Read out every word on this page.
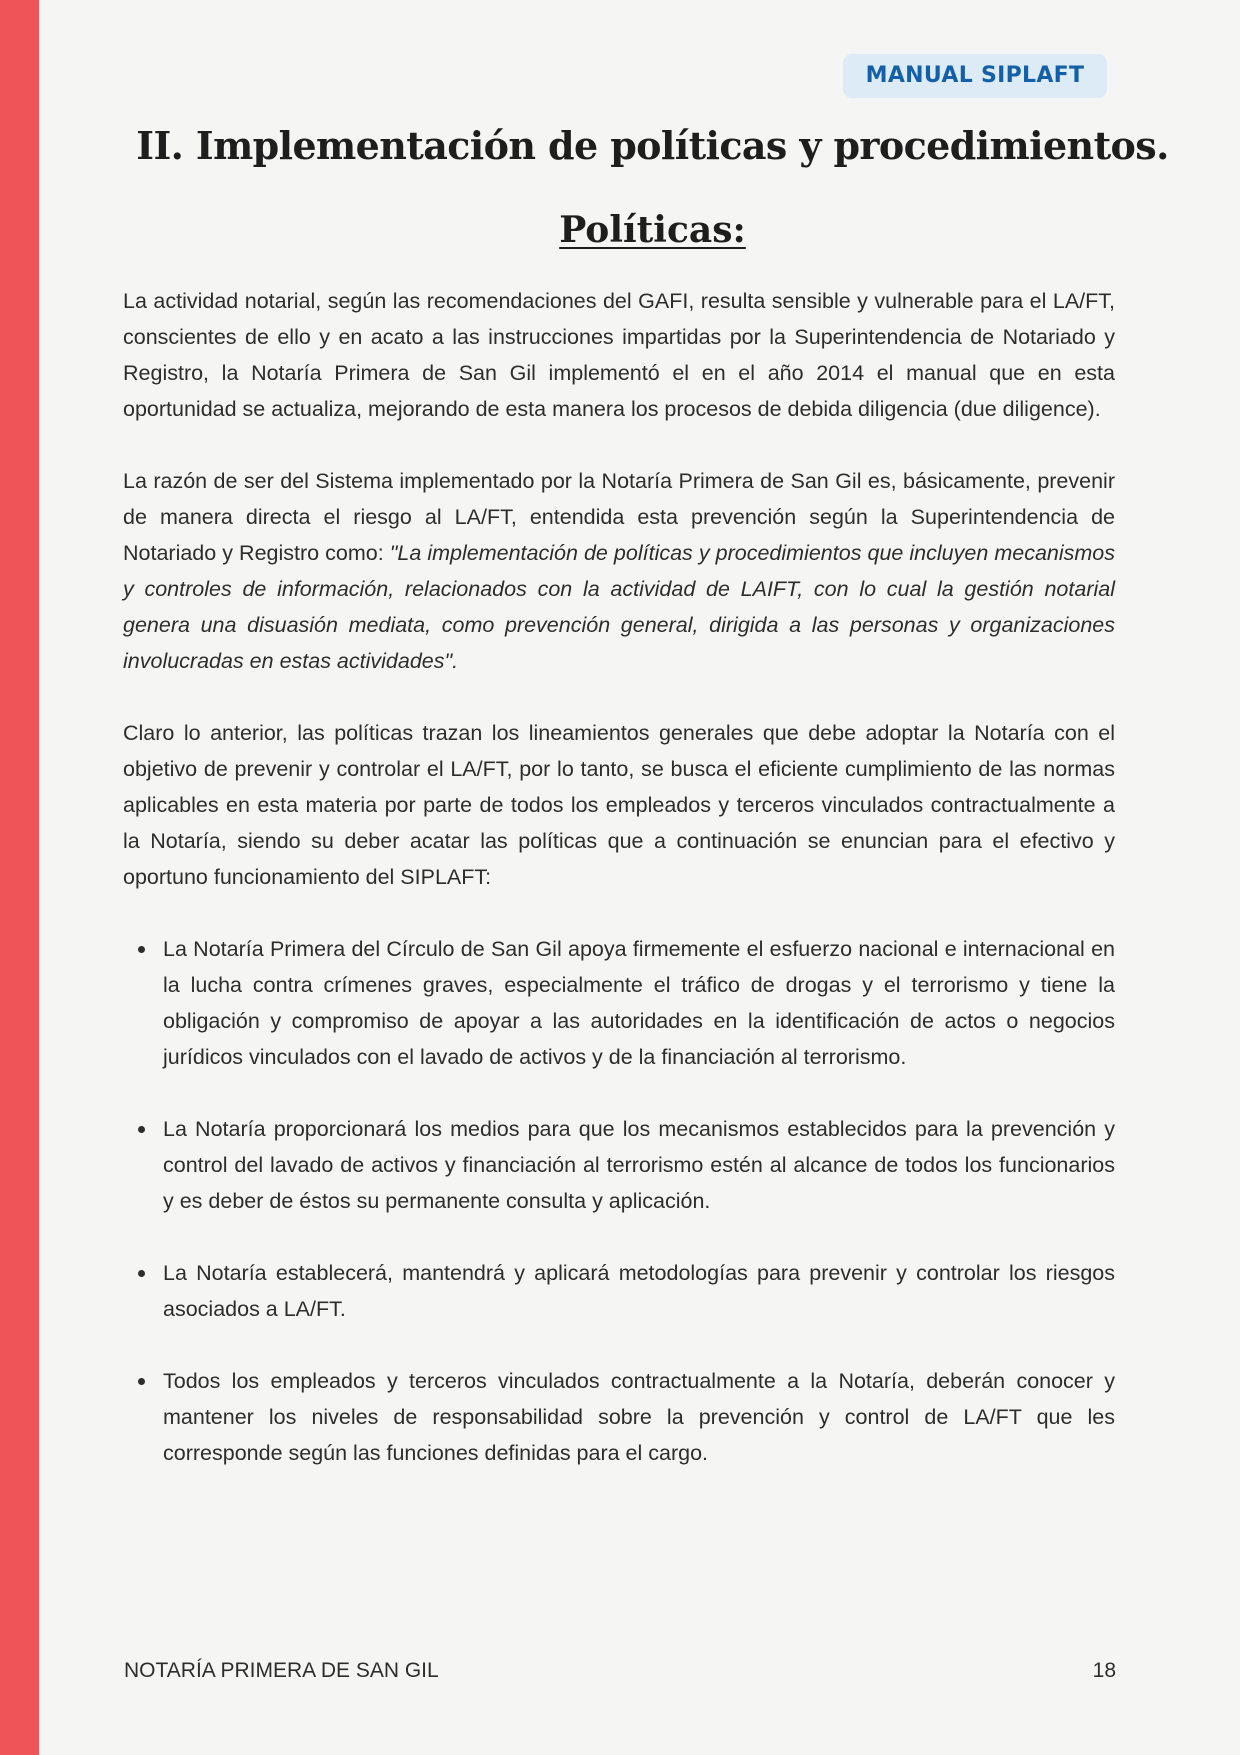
MANUAL SIPLAFT
II. Implementación de políticas y procedimientos.
Políticas:

La actividad notarial, según las recomendaciones del GAFI, resulta sensible y vulnerable para el LA/FT, conscientes de ello y en acato a las instrucciones impartidas por la Superintendencia de Notariado y Registro, la Notaría Primera de San Gil implementó el en el año 2014 el manual que en esta oportunidad se actualiza, mejorando de esta manera los procesos de debida diligencia (due diligence).

La razón de ser del Sistema implementado por la Notaría Primera de San Gil es, básicamente, prevenir de manera directa el riesgo al LA/FT, entendida esta prevención según la Superintendencia de Notariado y Registro como: "La implementación de políticas y procedimientos que incluyen mecanismos y controles de información, relacionados con la actividad de LAIFT, con lo cual la gestión notarial genera una disuasión mediata, como prevención general, dirigida a las personas y organizaciones involucradas en estas actividades".

Claro lo anterior, las políticas trazan los lineamientos generales que debe adoptar la Notaría con el objetivo de prevenir y controlar el LA/FT, por lo tanto, se busca el eficiente cumplimiento de las normas aplicables en esta materia por parte de todos los empleados y terceros vinculados contractualmente a la Notaría, siendo su deber acatar las políticas que a continuación se enuncian para el efectivo y oportuno funcionamiento del SIPLAFT:

La Notaría Primera del Círculo de San Gil apoya firmemente el esfuerzo nacional e internacional en la lucha contra crímenes graves, especialmente el tráfico de drogas y el terrorismo y tiene la obligación y compromiso de apoyar a las autoridades en la identificación de actos o negocios jurídicos vinculados con el lavado de activos y de la financiación al terrorismo.
La Notaría proporcionará los medios para que los mecanismos establecidos para la prevención y control del lavado de activos y financiación al terrorismo estén al alcance de todos los funcionarios y es deber de éstos su permanente consulta y aplicación.
La Notaría establecerá, mantendrá y aplicará metodologías para prevenir y controlar los riesgos asociados a LA/FT.
Todos los empleados y terceros vinculados contractualmente a la Notaría, deberán conocer y mantener los niveles de responsabilidad sobre la prevención y control de LA/FT que les corresponde según las funciones definidas para el cargo.
NOTARÍA PRIMERA DE SAN GIL	18
